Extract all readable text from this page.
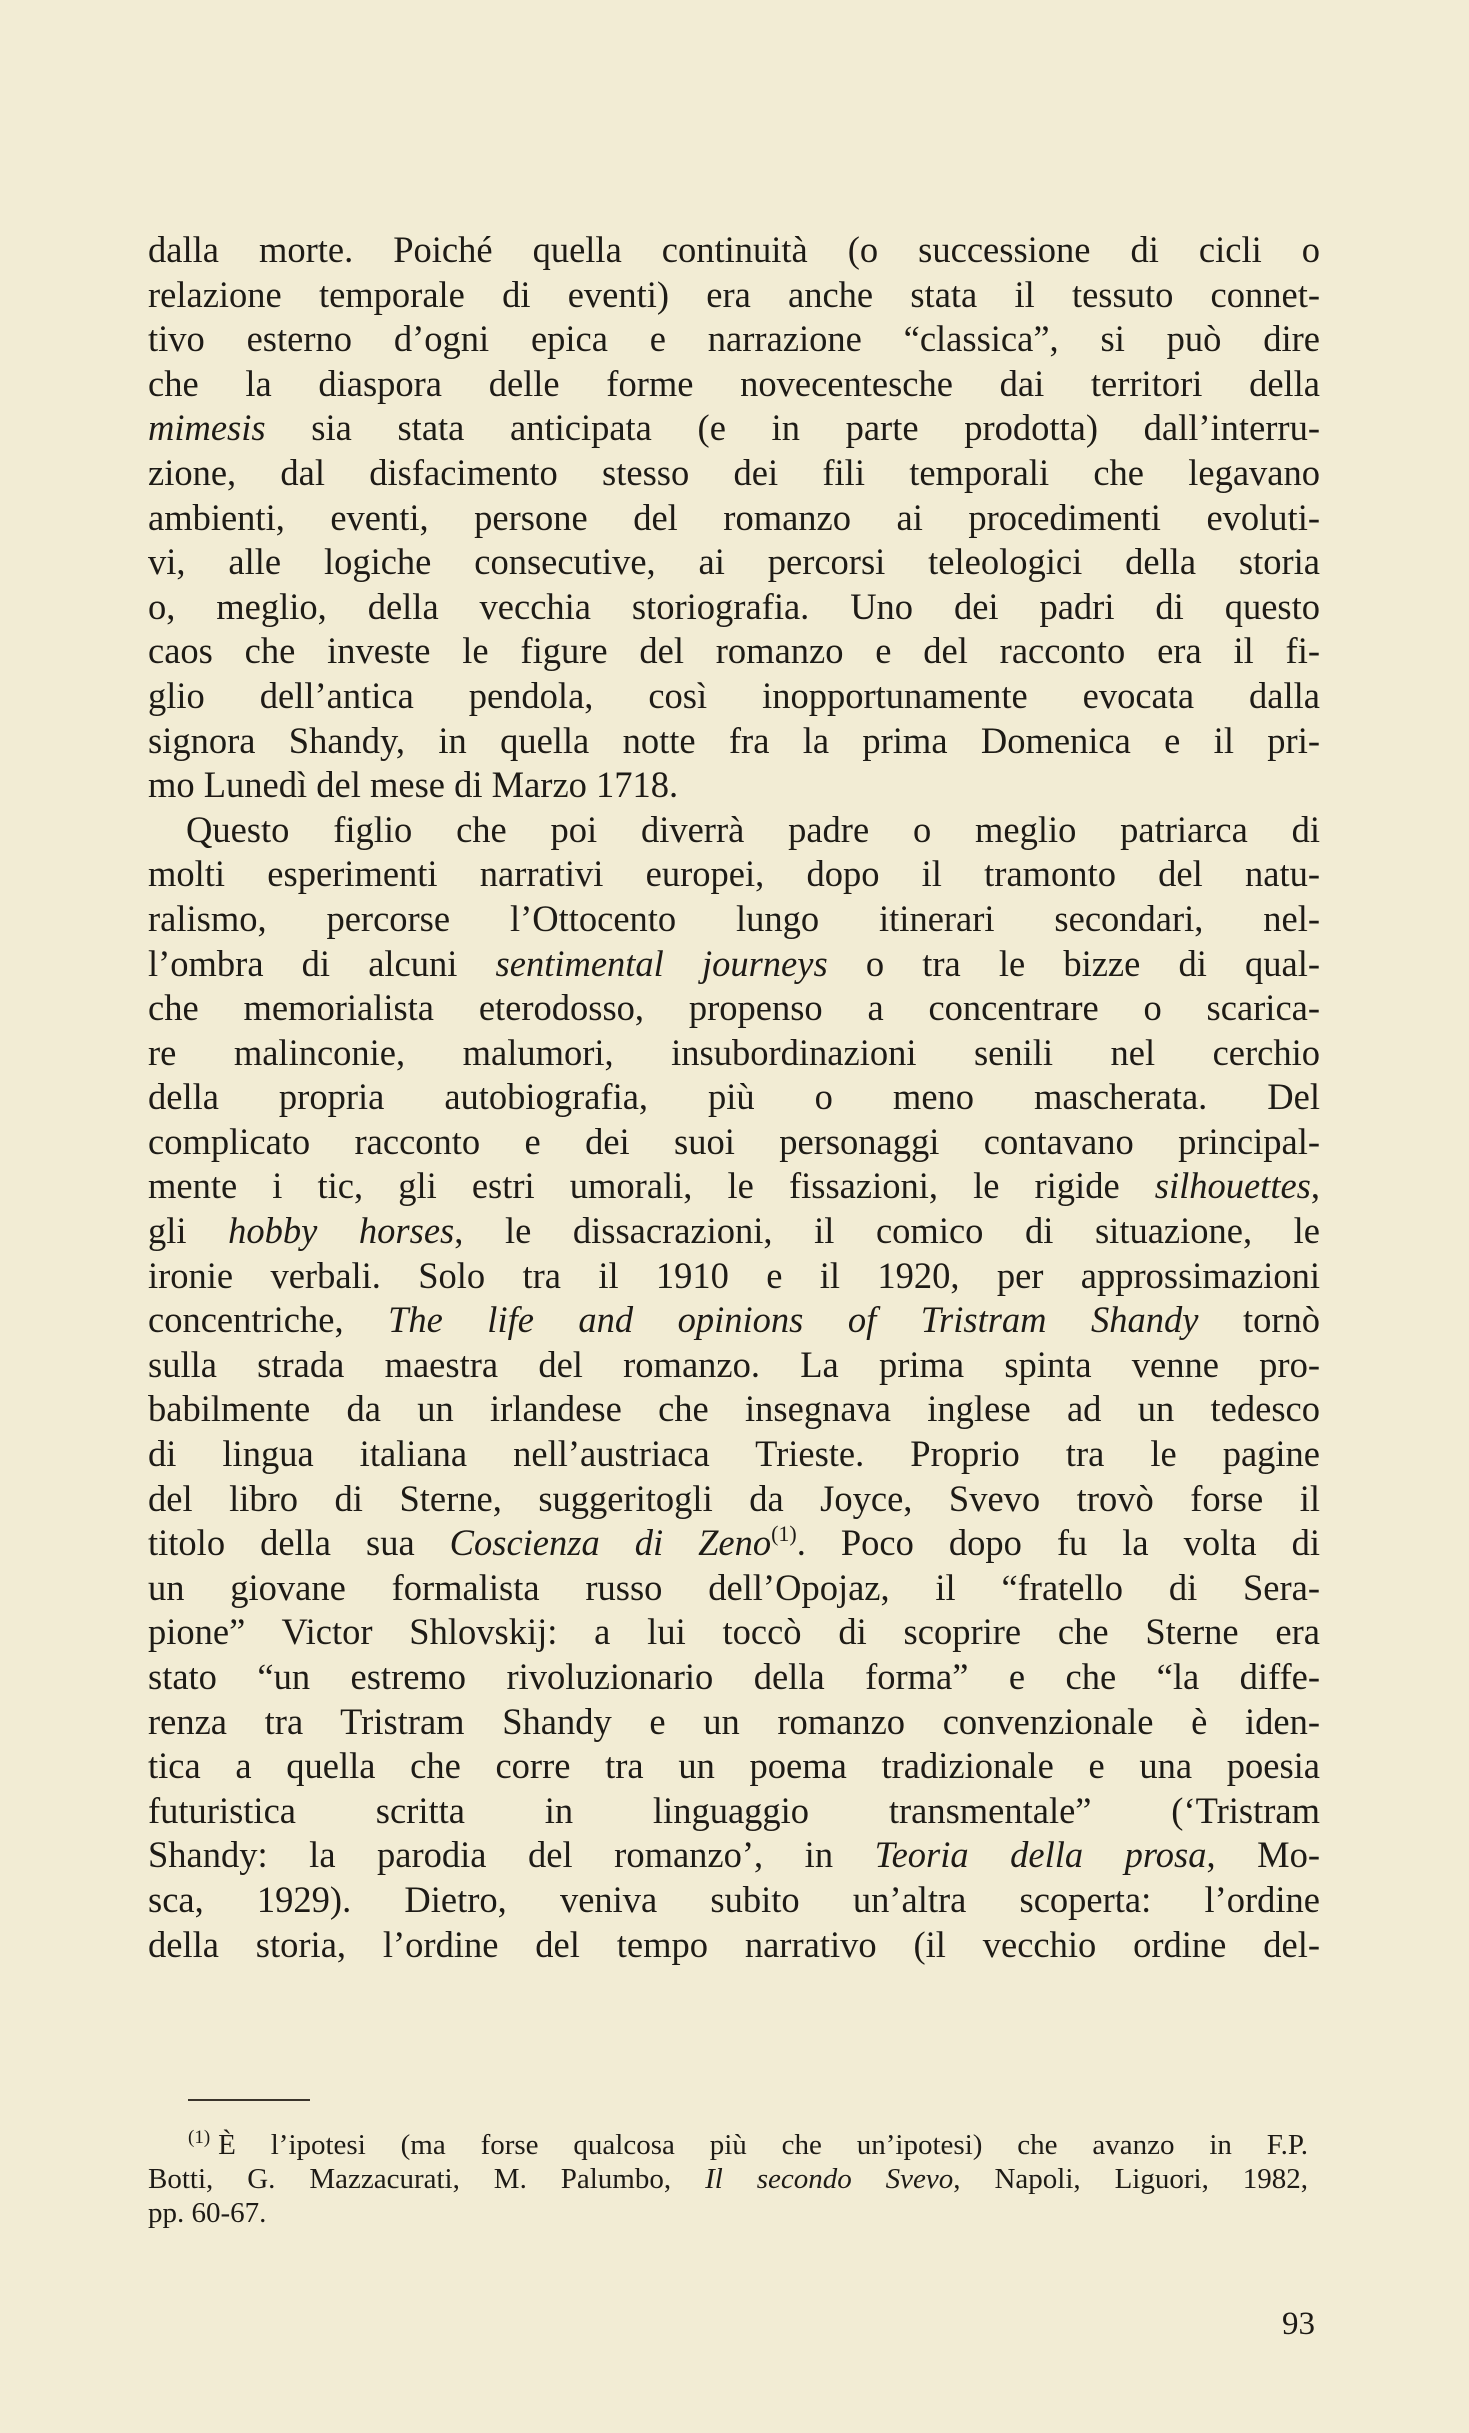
dalla morte. Poiché quella continuità (o successione di cicli o
relazione temporale di eventi) era anche stata il tessuto connet-
tivo esterno d’ogni epica e narrazione “classica”, si può dire
che la diaspora delle forme novecentesche dai territori della
mimesis sia stata anticipata (e in parte prodotta) dall’interru-
zione, dal disfacimento stesso dei fili temporali che legavano
ambienti, eventi, persone del romanzo ai procedimenti evoluti-
vi, alle logiche consecutive, ai percorsi teleologici della storia
o, meglio, della vecchia storiografia. Uno dei padri di questo
caos che investe le figure del romanzo e del racconto era il fi-
glio dell’antica pendola, così inopportunamente evocata dalla
signora Shandy, in quella notte fra la prima Domenica e il pri-
mo Lunedì del mese di Marzo 1718.
Questo figlio che poi diverrà padre o meglio patriarca di
molti esperimenti narrativi europei, dopo il tramonto del natu-
ralismo, percorse l’Ottocento lungo itinerari secondari, nel-
l’ombra di alcuni sentimental journeys o tra le bizze di qual-
che memorialista eterodosso, propenso a concentrare o scarica-
re malinconie, malumori, insubordinazioni senili nel cerchio
della propria autobiografia, più o meno mascherata. Del
complicato racconto e dei suoi personaggi contavano principal-
mente i tic, gli estri umorali, le fissazioni, le rigide silhouettes,
gli hobby horses, le dissacrazioni, il comico di situazione, le
ironie verbali. Solo tra il 1910 e il 1920, per approssimazioni
concentriche, The life and opinions of Tristram Shandy tornò
sulla strada maestra del romanzo. La prima spinta venne pro-
babilmente da un irlandese che insegnava inglese ad un tedesco
di lingua italiana nell’austriaca Trieste. Proprio tra le pagine
del libro di Sterne, suggeritogli da Joyce, Svevo trovò forse il
titolo della sua Coscienza di Zeno$^{(1)}$. Poco dopo fu la volta di
un giovane formalista russo dell’Opojaz, il “fratello di Sera-
pione” Victor Shlovskij: a lui toccò di scoprire che Sterne era
stato “un estremo rivoluzionario della forma” e che “la diffe-
renza tra Tristram Shandy e un romanzo convenzionale è iden-
tica a quella che corre tra un poema tradizionale e una poesia
futuristica scritta in linguaggio transmentale” (‘Tristram
Shandy: la parodia del romanzo’, in Teoria della prosa, Mo-
sca, 1929). Dietro, veniva subito un’altra scoperta: l’ordine
della storia, l’ordine del tempo narrativo (il vecchio ordine del-
$^{(1)}$ È l’ipotesi (ma forse qualcosa più che un’ipotesi) che avanzo in F.P.
Botti, G. Mazzacurati, M. Palumbo, Il secondo Svevo, Napoli, Liguori, 1982,
pp. 60-67.
93
